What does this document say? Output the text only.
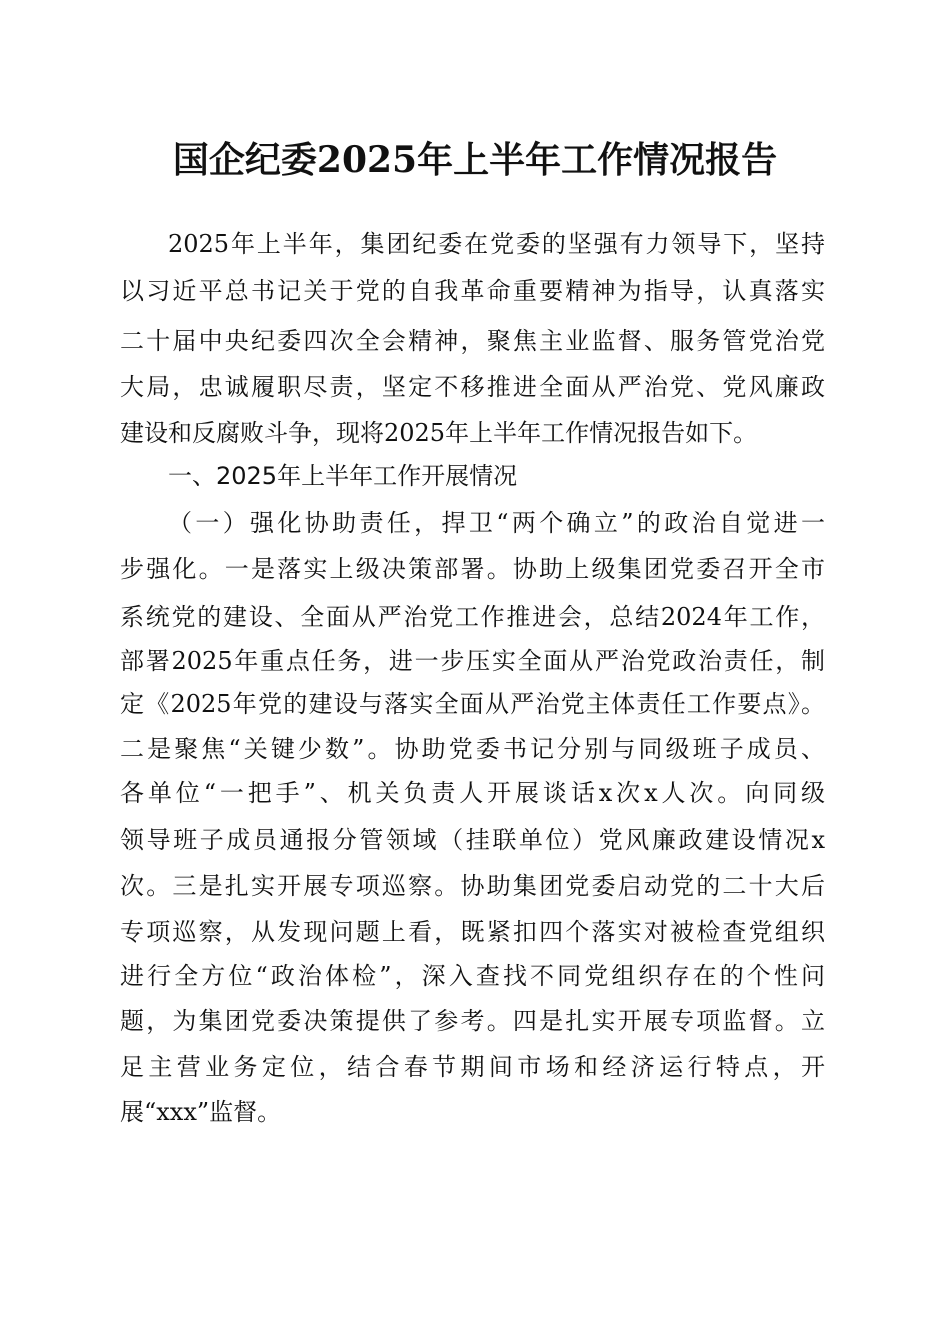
国企纪委2025年上半年工作情况报告
2025年上半年，集团纪委在党委的坚强有力领导下，坚持
以习近平总书记关于党的自我革命重要精神为指导，认真落实
二十届中央纪委四次全会精神，聚焦主业监督、服务管党治党
大局，忠诚履职尽责，坚定不移推进全面从严治党、党风廉政
建设和反腐败斗争，现将2025年上半年工作情况报告如下。
一、2025年上半年工作开展情况
（一）强化协助责任，捍卫“两个确立”的政治自觉进一
步强化。一是落实上级决策部署。协助上级集团党委召开全市
系统党的建设、全面从严治党工作推进会，总结2024年工作，
部署2025年重点任务，进一步压实全面从严治党政治责任，制
定《2025年党的建设与落实全面从严治党主体责任工作要点》。
二是聚焦“关键少数”。协助党委书记分别与同级班子成员、
各单位“一把手”、机关负责人开展谈话x次x人次。向同级
领导班子成员通报分管领域（挂联单位）党风廉政建设情况x
次。三是扎实开展专项巡察。协助集团党委启动党的二十大后
专项巡察，从发现问题上看，既紧扣四个落实对被检查党组织
进行全方位“政治体检”，深入查找不同党组织存在的个性问
题，为集团党委决策提供了参考。四是扎实开展专项监督。立
足主营业务定位，结合春节期间市场和经济运行特点，开
展“xxx”监督。
